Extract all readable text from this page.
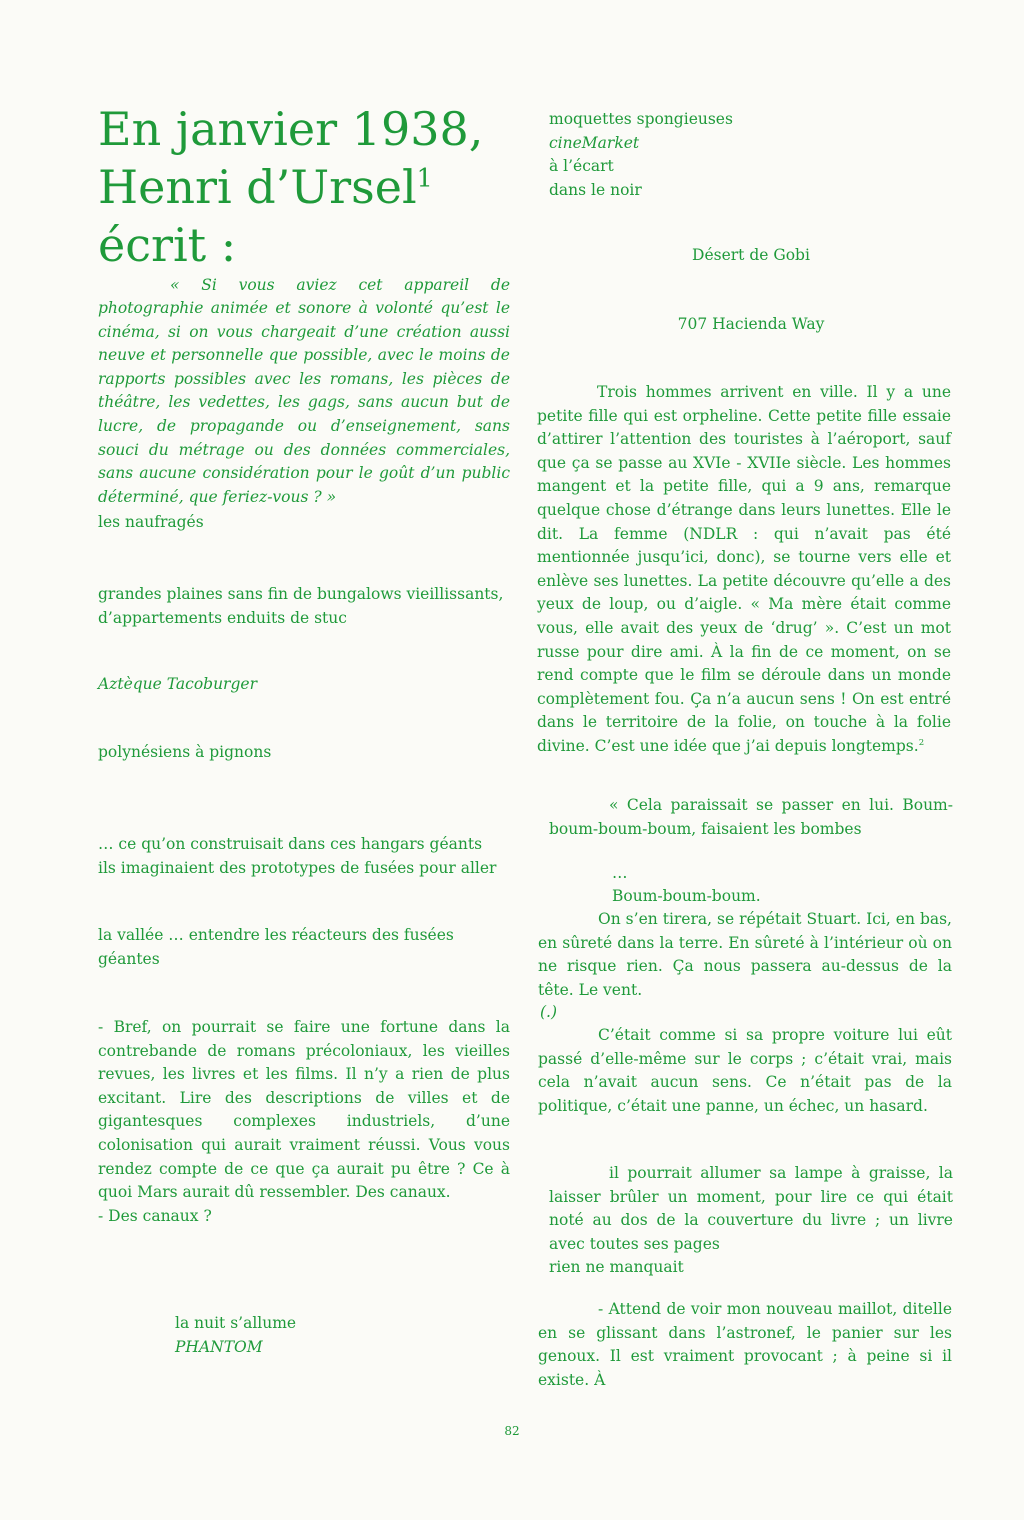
En janvier 1938,
Henri d’Ursel$^1$ écrit :

« Si vous aviez cet appareil de photographie animée et sonore à volonté qu’est le cinéma, si on vous chargeait d’une création aussi neuve et personnelle que possible, avec le moins de rapports possibles avec les romans, les pièces de théâtre, les vedettes, les gags, sans aucun but de lucre, de propagande ou d’enseignement, sans souci du métrage ou des données commerciales, sans aucune considération pour le goût d’un public déterminé, que feriez-vous ? »

les naufragés
grandes plaines sans fin de bungalows vieillissants,
d’appartements enduits de stuc
Aztèque Tacoburger
polynésiens à pignons
… ce qu’on construisait dans ces hangars géants
ils imaginaient des prototypes de fusées pour aller
la vallée … entendre les réacteurs des fusées géantes
- Bref, on pourrait se faire une fortune dans la contrebande de romans précoloniaux, les vieilles revues, les livres et les films. Il n’y a rien de plus excitant. Lire des descriptions de villes et de gigantesques complexes industriels, d’une colonisation qui aurait vraiment réussi. Vous vous rendez compte de ce que ça aurait pu être ? Ce à quoi Mars aurait dû ressembler. Des canaux.
- Des canaux ?
la nuit s’allume
PHANTOM
moquettes spongieuses
cineMarket
à l’écart
dans le noir
Désert de Gobi
707 Hacienda Way
Trois hommes arrivent en ville. Il y a une petite fille qui est orpheline. Cette petite fille essaie d’attirer l’attention des touristes à l’aéroport, sauf que ça se passe au XVIe - XVIIe siècle. Les hommes mangent et la petite fille, qui a 9 ans, remarque quelque chose d’étrange dans leurs lunettes. Elle le dit. La femme (NDLR : qui n’avait pas été mentionnée jusqu’ici, donc), se tourne vers elle et enlève ses lunettes. La petite découvre qu’elle a des yeux de loup, ou d’aigle. « Ma mère était comme vous, elle avait des yeux de ‘drug’ ». C’est un mot russe pour dire ami. À la fin de ce moment, on se rend compte que le film se déroule dans un monde complètement fou. Ça n’a aucun sens ! On est entré dans le territoire de la folie, on touche à la folie divine. C’est une idée que j’ai depuis longtemps.$^2$
« Cela paraissait se passer en lui. Boum-boum-boum-boum, faisaient les bombes
…
Boum-boum-boum.
On s’en tirera, se répétait Stuart. Ici, en bas, en sûreté dans la terre. En sûreté à l’intérieur où on ne risque rien. Ça nous passera au-dessus de la tête. Le vent.
(.)
C’était comme si sa propre voiture lui eût passé d’elle-même sur le corps ; c’était vrai, mais cela n’avait aucun sens. Ce n’était pas de la politique, c’était une panne, un échec, un hasard.
il pourrait allumer sa lampe à graisse, la laisser brûler un moment, pour lire ce qui était noté au dos de la couverture du livre ; un livre avec toutes ses pages
rien ne manquait
- Attend de voir mon nouveau maillot, ditelle en se glissant dans l’astronef, le panier sur les genoux. Il est vraiment provocant ; à peine si il existe. À
82
